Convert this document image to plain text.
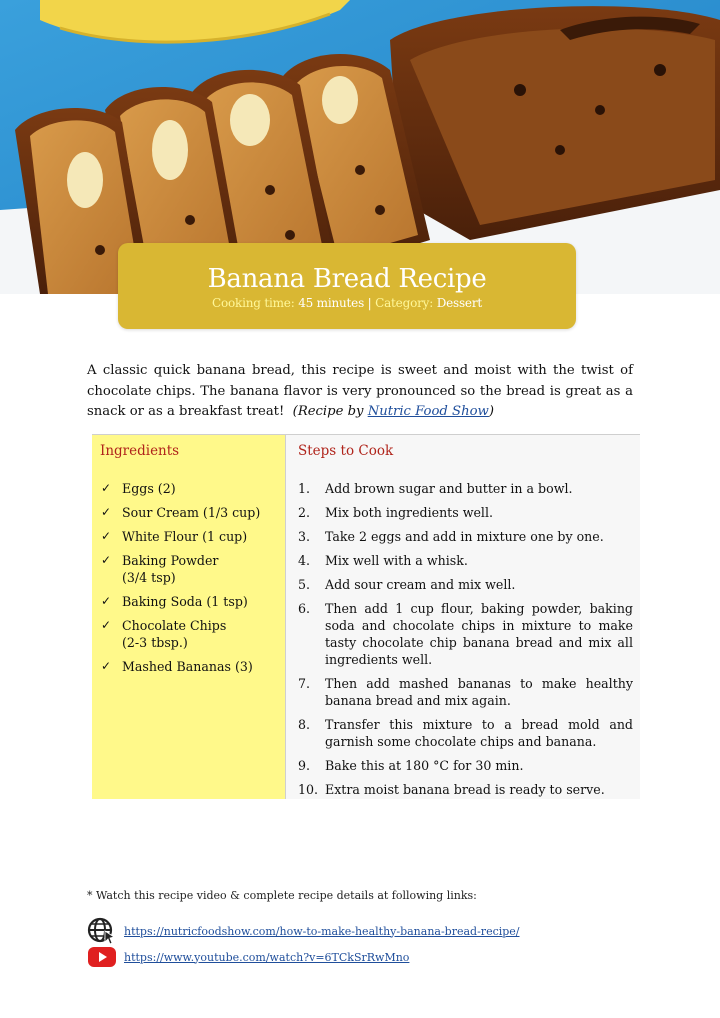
Banana Bread Recipe
Cooking time: 45 minutes | Category: Dessert

A classic quick banana bread, this recipe is sweet and moist with the twist of chocolate chips. The banana flavor is very pronounced so the bread is great as a snack or as a breakfast treat! (Recipe by Nutric Food Show)

Ingredients
✓ Eggs (2)
✓ Sour Cream (1/3 cup)
✓ White Flour (1 cup)
✓ Baking Powder (3/4 tsp)
✓ Baking Soda (1 tsp)
✓ Chocolate Chips (2-3 tbsp.)
✓ Mashed Bananas (3)
Steps to Cook
1.	Add brown sugar and butter in a bowl.
2.	Mix both ingredients well.
3.	Take 2 eggs and add in mixture one by one.
4.	Mix well with a whisk.
5.	Add sour cream and mix well.
6.	Then add 1 cup flour, baking powder, baking soda and chocolate chips in mixture to make tasty chocolate chip banana bread and mix all ingredients well.
7.	Then add mashed bananas to make healthy banana bread and mix again.
8.	Transfer this mixture to a bread mold and garnish some chocolate chips and banana.
9.	Bake this at 180 °C for 30 min.
10. Extra moist banana bread is ready to serve.
* Watch this recipe video & complete recipe details at following links:
https://nutricfoodshow.com/how-to-make-healthy-banana-bread-recipe/
https://www.youtube.com/watch?v=6TCkSrRwMno
